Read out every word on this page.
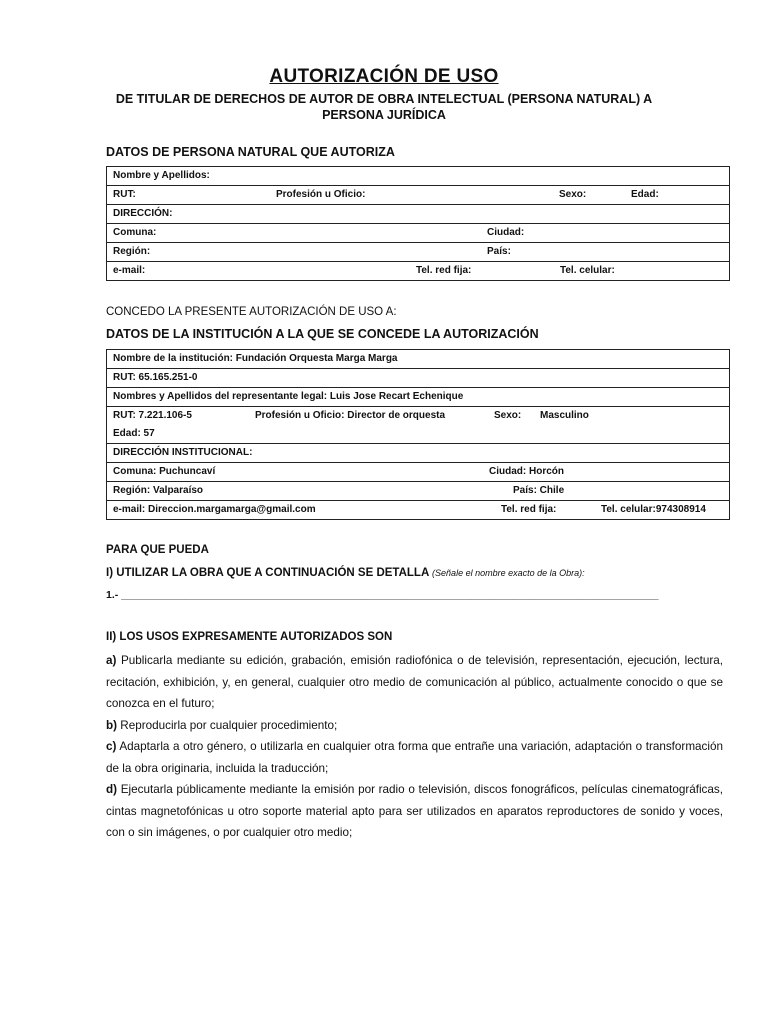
AUTORIZACIÓN DE USO
DE TITULAR DE DERECHOS DE AUTOR DE OBRA INTELECTUAL (PERSONA NATURAL) A PERSONA JURÍDICA
DATOS DE PERSONA NATURAL QUE AUTORIZA
Nombre y Apellidos:

RUT:	Profesión u Oficio:	Sexo:	Edad:

DIRECCIÓN:

Comuna:	Ciudad:

Región:	País:

e-mail:	Tel. red fija:	Tel. celular:
CONCEDO LA PRESENTE AUTORIZACIÓN DE USO A:
DATOS DE LA INSTITUCIÓN A LA QUE SE CONCEDE LA AUTORIZACIÓN
Nombre de la institución: Fundación Orquesta Marga Marga

RUT: 65.165.251-0

Nombres y Apellidos del representante legal: Luis Jose Recart Echenique

RUT: 7.221.106-5	Profesión u Oficio: Director de orquesta	Sexo: Masculino
Edad: 57

DIRECCIÓN INSTITUCIONAL:

Comuna: Puchuncaví	Ciudad: Horcón

Región: Valparaíso	País: Chile

e-mail: Direccion.margamarga@gmail.com	Tel. red fija:	Tel. celular:974308914
PARA QUE PUEDA
I) UTILIZAR LA OBRA QUE A CONTINUACIÓN SE DETALLA (Señale el nombre exacto de la Obra):
1.- ____________________________________________________________________________________________
II) LOS USOS EXPRESAMENTE AUTORIZADOS SON

a) Publicarla mediante su edición, grabación, emisión radiofónica o de televisión, representación, ejecución, lectura, recitación, exhibición, y, en general, cualquier otro medio de comunicación al público, actualmente conocido o que se conozca en el futuro;

b) Reproducirla por cualquier procedimiento;

c) Adaptarla a otro género, o utilizarla en cualquier otra forma que entrañe una variación, adaptación o transformación de la obra originaria, incluida la traducción;

d) Ejecutarla públicamente mediante la emisión por radio o televisión, discos fonográficos, películas cinematográficas, cintas magnetofónicas u otro soporte material apto para ser utilizados en aparatos reproductores de sonido y voces, con o sin imágenes, o por cualquier otro medio;
